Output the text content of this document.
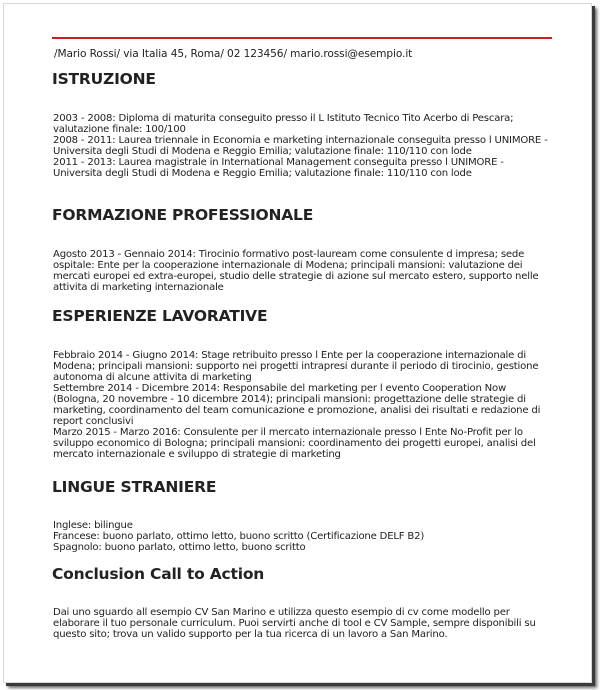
/Mario Rossi/ via Italia 45, Roma/ 02 123456/ mario.rossi@esempio.it
ISTRUZIONE
2003 - 2008: Diploma di maturita conseguito presso il L Istituto Tecnico Tito Acerbo di Pescara; valutazione finale: 100/100
2008 - 2011: Laurea triennale in Economia e marketing internazionale conseguita presso l UNIMORE - Universita degli Studi di Modena e Reggio Emilia; valutazione finale: 110/110 con lode
2011 - 2013: Laurea magistrale in International Management conseguita presso l UNIMORE - Universita degli Studi di Modena e Reggio Emilia; valutazione finale: 110/110 con lode
FORMAZIONE PROFESSIONALE
Agosto 2013 - Gennaio 2014: Tirocinio formativo post-lauream come consulente d impresa; sede ospitale: Ente per la cooperazione internazionale di Modena; principali mansioni: valutazione dei mercati europei ed extra-europei, studio delle strategie di azione sul mercato estero, supporto nelle attivita di marketing internazionale
ESPERIENZE LAVORATIVE
Febbraio 2014 - Giugno 2014: Stage retribuito presso l Ente per la cooperazione internazionale di Modena; principali mansioni: supporto nei progetti intrapresi durante il periodo di tirocinio, gestione autonoma di alcune attivita di marketing
Settembre 2014 - Dicembre 2014: Responsabile del marketing per l evento Cooperation Now (Bologna, 20 novembre - 10 dicembre 2014); principali mansioni: progettazione delle strategie di marketing, coordinamento del team comunicazione e promozione, analisi dei risultati e redazione di report conclusivi
Marzo 2015 - Marzo 2016: Consulente per il mercato internazionale presso l Ente No-Profit per lo sviluppo economico di Bologna; principali mansioni: coordinamento dei progetti europei, analisi del mercato internazionale e sviluppo di strategie di marketing
LINGUE STRANIERE
Inglese: bilingue
Francese: buono parlato, ottimo letto, buono scritto (Certificazione DELF B2)
Spagnolo: buono parlato, ottimo letto, buono scritto
Conclusion Call to Action
Dai uno sguardo all esempio CV San Marino e utilizza questo esempio di cv come modello per elaborare il tuo personale curriculum. Puoi servirti anche di tool e CV Sample, sempre disponibili su questo sito; trova un valido supporto per la tua ricerca di un lavoro a San Marino.
